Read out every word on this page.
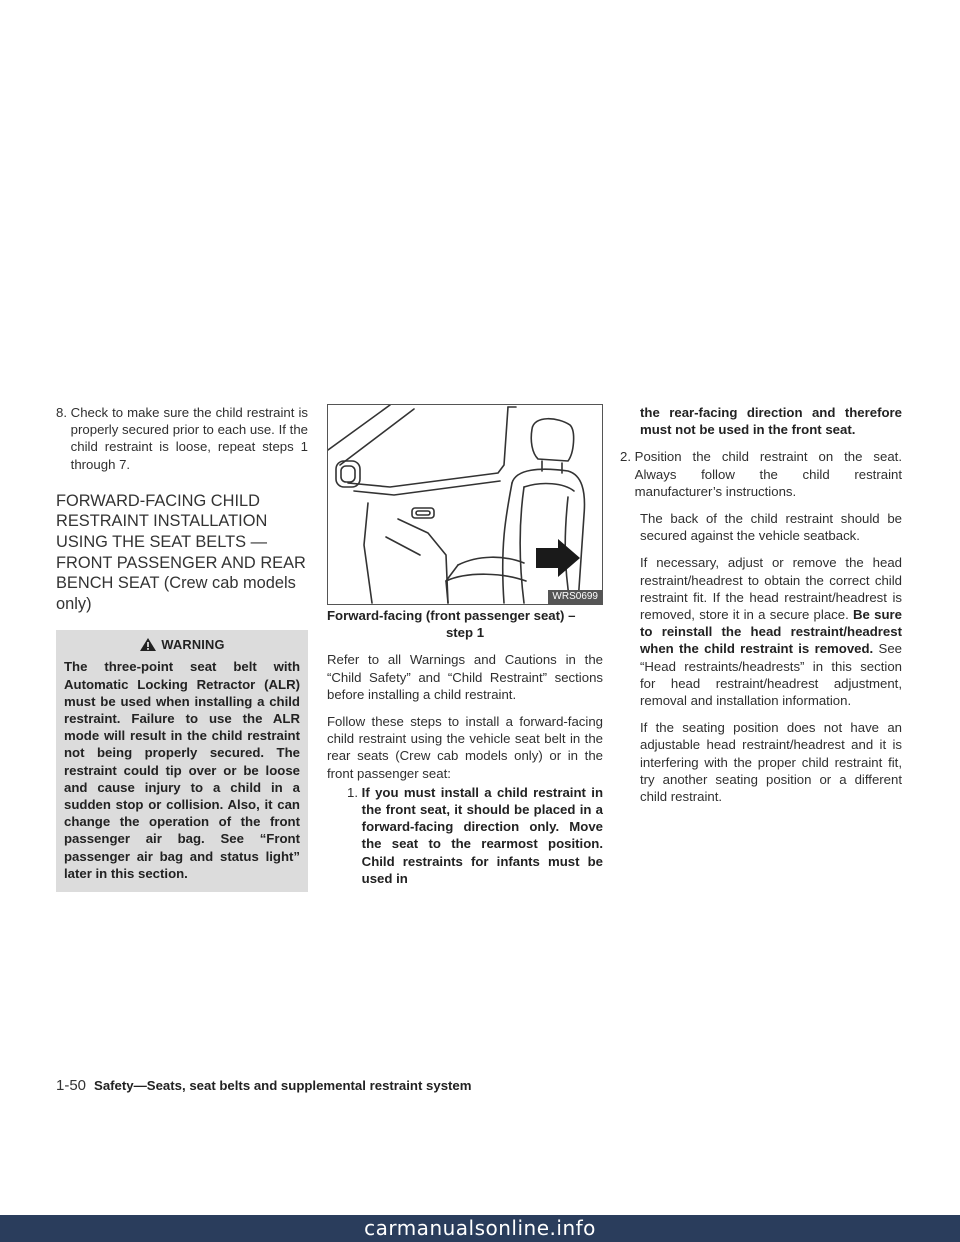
8.
Check to make sure the child restraint is properly secured prior to each use. If the child restraint is loose, repeat steps 1 through 7.
FORWARD-FACING CHILD RESTRAINT INSTALLATION USING THE SEAT BELTS — FRONT PASSENGER AND REAR BENCH SEAT (Crew cab models only)
WARNING

The three-point seat belt with Automatic Locking Retractor (ALR) must be used when installing a child restraint. Failure to use the ALR mode will result in the child restraint not being properly secured. The restraint could tip over or be loose and cause injury to a child in a sudden stop or collision. Also, it can change the operation of the front passenger air bag. See “Front passenger air bag and status light” later in this section.

WRS0699
Forward-facing (front passenger seat) –
step 1

Refer to all Warnings and Cautions in the “Child Safety” and “Child Restraint” sections before installing a child restraint.

Follow these steps to install a forward-facing child restraint using the vehicle seat belt in the rear seats (Crew cab models only) or in the front passenger seat:

1.
If you must install a child restraint in the front seat, it should be placed in a forward-facing direction only. Move the seat to the rearmost position. Child restraints for infants must be used in

the rear-facing direction and therefore must not be used in the front seat.

2.
Position the child restraint on the seat. Always follow the child restraint manufacturer’s instructions.

The back of the child restraint should be secured against the vehicle seatback.

If necessary, adjust or remove the head restraint/headrest to obtain the correct child restraint fit. If the head restraint/headrest is removed, store it in a secure place. Be sure to reinstall the head restraint/headrest when the child restraint is removed. See “Head restraints/headrests” in this section for head restraint/headrest adjustment, removal and installation information.

If the seating position does not have an adjustable head restraint/headrest and it is interfering with the proper child restraint fit, try another seating position or a different child restraint.

1-50 Safety—Seats, seat belts and supplemental restraint system
carmanualsonline.info
